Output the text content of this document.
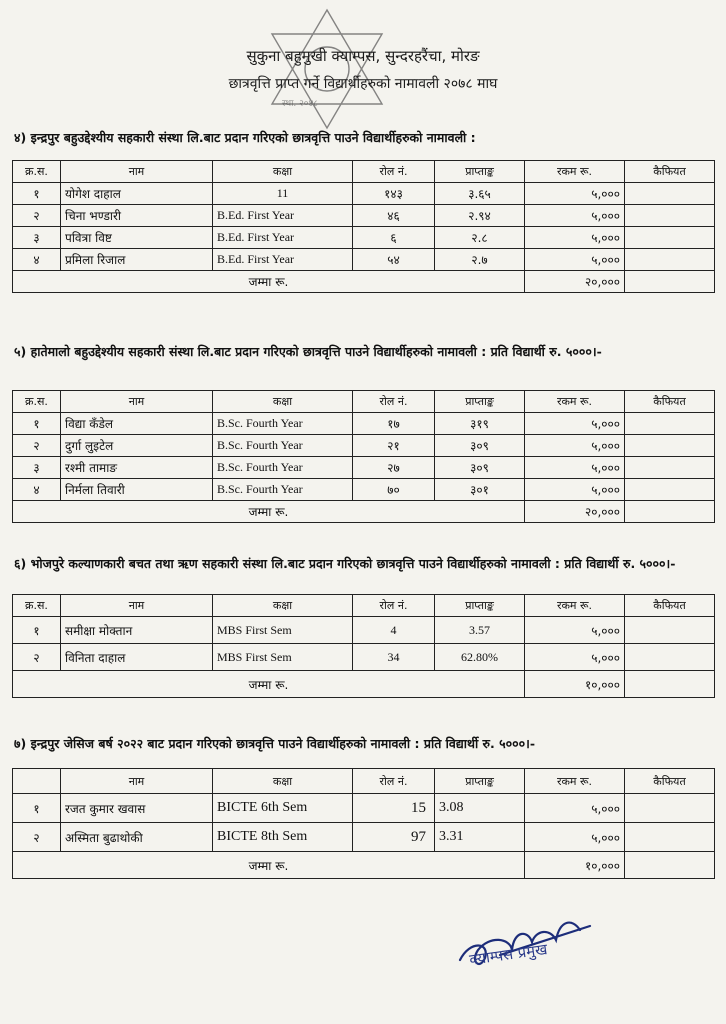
स्था. २०४८
सुकुना बहुमुखी क्याम्पस, सुन्दरहरैंचा, मोरङ
छात्रवृत्ति प्राप्त गर्ने विद्यार्थीहरुको नामावली २०७८ माघ
४) इन्द्रपुर बहुउद्देश्यीय सहकारी संस्था लि.बाट प्रदान गरिएको छात्रवृत्ति पाउने विद्यार्थीहरुको नामावली :
क्र.स.	नाम	कक्षा	रोल नं.	प्राप्ताङ्क	रकम रू.	कैफियत
१	योगेश दाहाल	11	१४३	३.६५	५,०००	
२	चिना भण्डारी	B.Ed. First Year	४६	२.९४	५,०००	
३	पवित्रा विष्ट	B.Ed. First Year	६	२.८	५,०००	
४	प्रमिला रिजाल	B.Ed. First Year	५४	२.७	५,०००	
जम्मा रू.					२०,०००	
५) हातेमालो बहुउद्देश्यीय सहकारी संस्था लि.बाट प्रदान गरिएको छात्रवृत्ति पाउने विद्यार्थीहरुको नामावली : प्रति विद्यार्थी रु. ५०००।-
क्र.स.	नाम	कक्षा	रोल नं.	प्राप्ताङ्क	रकम रू.	कैफियत
१	विद्या कँडेल	B.Sc. Fourth Year	१७	३१९	५,०००	
२	दुर्गा लुइटेल	B.Sc. Fourth Year	२१	३०९	५,०००	
३	रश्मी तामाङ	B.Sc. Fourth Year	२७	३०९	५,०००	
४	निर्मला तिवारी	B.Sc. Fourth Year	७०	३०१	५,०००	
जम्मा रू.					२०,०००	
६) भोजपुरे कल्याणकारी बचत तथा ऋण सहकारी संस्था लि.बाट प्रदान गरिएको छात्रवृत्ति पाउने विद्यार्थीहरुको नामावली : प्रति विद्यार्थी रु. ५०००।-
क्र.स.	नाम	कक्षा	रोल नं.	प्राप्ताङ्क	रकम रू.	कैफियत
१	समीक्षा मोक्तान	MBS First Sem	4	3.57	५,०००	
२	विनिता दाहाल	MBS First Sem	34	62.80%	५,०००	
जम्मा रू.					१०,०००	
७) इन्द्रपुर जेसिज बर्ष २०२२ बाट प्रदान गरिएको छात्रवृत्ति पाउने विद्यार्थीहरुको नामावली : प्रति विद्यार्थी रु. ५०००।-
	नाम	कक्षा	रोल नं.	प्राप्ताङ्क	रकम रू.	कैफियत
१	रजत कुमार खवास	BICTE 6th Sem	15	3.08	५,०००	
२	अस्मिता बुढाथोकी	BICTE 8th Sem	97	3.31	५,०००	
जम्मा रू.					१०,०००	
क्याम्पस प्रमुख
